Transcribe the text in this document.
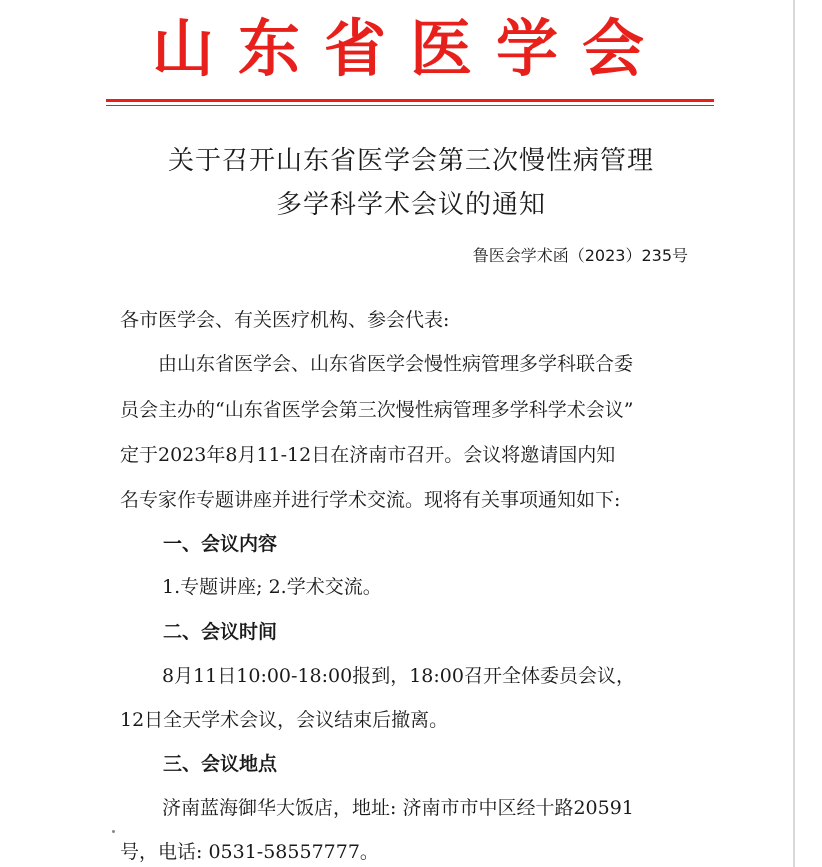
山东省医学会
关于召开山东省医学会第三次慢性病管理
多学科学术会议的通知
鲁医会学术函（2023）235号
各市医学会、有关医疗机构、参会代表:
由山东省医学会、山东省医学会慢性病管理多学科联合委
员会主办的“山东省医学会第三次慢性病管理多学科学术会议”
定于2023年8月11-12日在济南市召开。会议将邀请国内知
名专家作专题讲座并进行学术交流。现将有关事项通知如下:
一、会议内容
1.专题讲座; 2.学术交流。
二、会议时间
8月11日10:00-18:00报到，18:00召开全体委员会议，
12日全天学术会议，会议结束后撤离。
三、会议地点
济南蓝海御华大饭店，地址: 济南市市中区经十路20591
号，电话: 0531-58557777。
